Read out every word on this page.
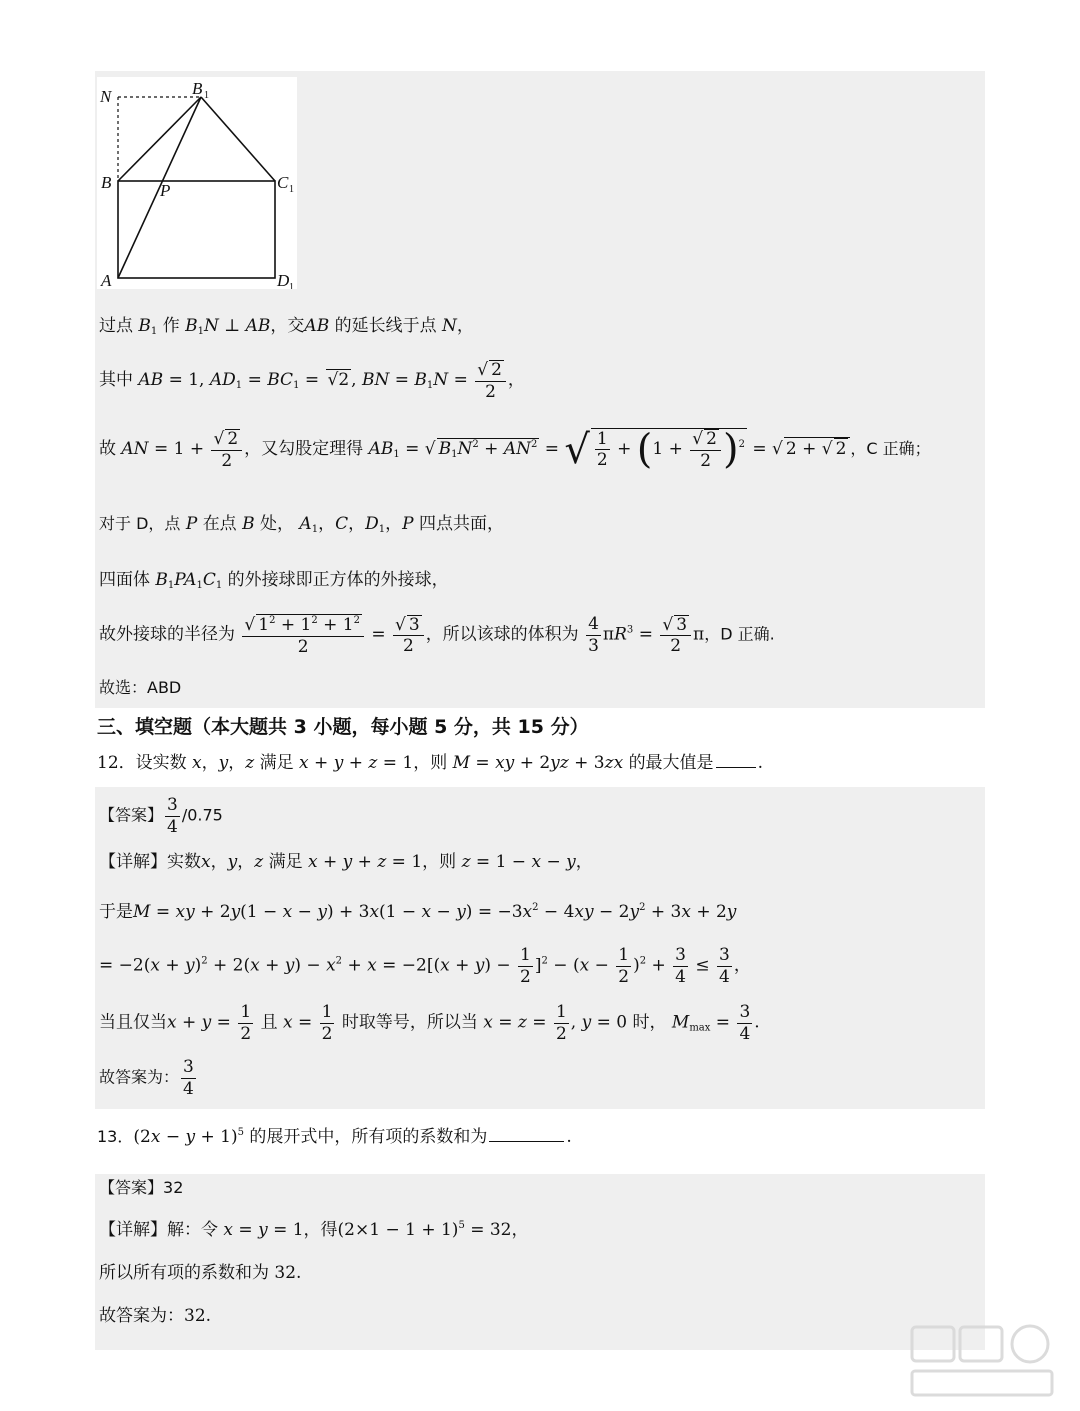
N	B 1
B	P	C 1
A	D 1
过点 $B_1$ 作 $B_1N$ ⊥ AB，交AB 的延长线于点 N，
其中 AB = 1, $AD_1 = BC_1$ = √ 2 , BN = $B_1N$ = √ $\frac{2}{2}$ ，
故 AN = 1 + √ $\frac{2}{2}$ ，又勾股定理得 $AB_1$ = √ $B_1N^2 + AN^2$ = √ $\frac{1}{2} + (1$ + √ $\frac{2}{2} )^2$ = √ 2 + √ 2 ，C 正确；
对于 D，点 P 在点 B 处， $A_1$，C，$D_1$，P 四点共面，
四面体 $B_1PA_1C_1$ 的外接球即正方体的外接球，
故外接球的半径为 √ $\frac{1^2 + 1^2 + 1^2}{2}$ = √ $\frac{3}{2}$ ，所以该球的体积为 $\frac{4}{3} \pi R^3$ = √ $\frac{3}{2}$ π，D 正确.
故选：ABD
三、填空题（本大题共 3 小题，每小题 5 分，共 15 分）
12．设实数 x，y，z 满足 x + y + z = 1，则 M = xy + 2yz + 3zx 的最大值是	.
【答案】 $\frac{3}{4} /0.75$
【详解】实数x，y，z 满足 x + y + z = 1，则 z = 1 − x − y，
于是M = xy + $2y(1 - x - y) + 3x(1 - x - y) = -3x^2 - 4xy - 2y^2 + 3x + 2y$
= $-2(x + y)^2 + 2(x + y) - x^2 + x = -2[(x + y) - \frac{1}{2} ]^2 - (x - \frac{1}{2} )^2 + \frac{3}{4} \le \frac{3}{4}$ ，
当且仅当$x + y = \frac{1}{2}$ 且 $x = \frac{1}{2}$ 时取等号，所以当 $x = z = \frac{1}{2}$ , y = 0 时， $M_{max} = \frac{3}{4}$ .
故答案为： $\frac{3}{4}$
13．$(2x - y + 1)^5$ 的展开式中，所有项的系数和为	.
【答案】32
【详解】解：令 x = y = 1，得$(2\times 1 - 1 + 1)^5 = 32$，
所以所有项的系数和为 32.
故答案为：32.
